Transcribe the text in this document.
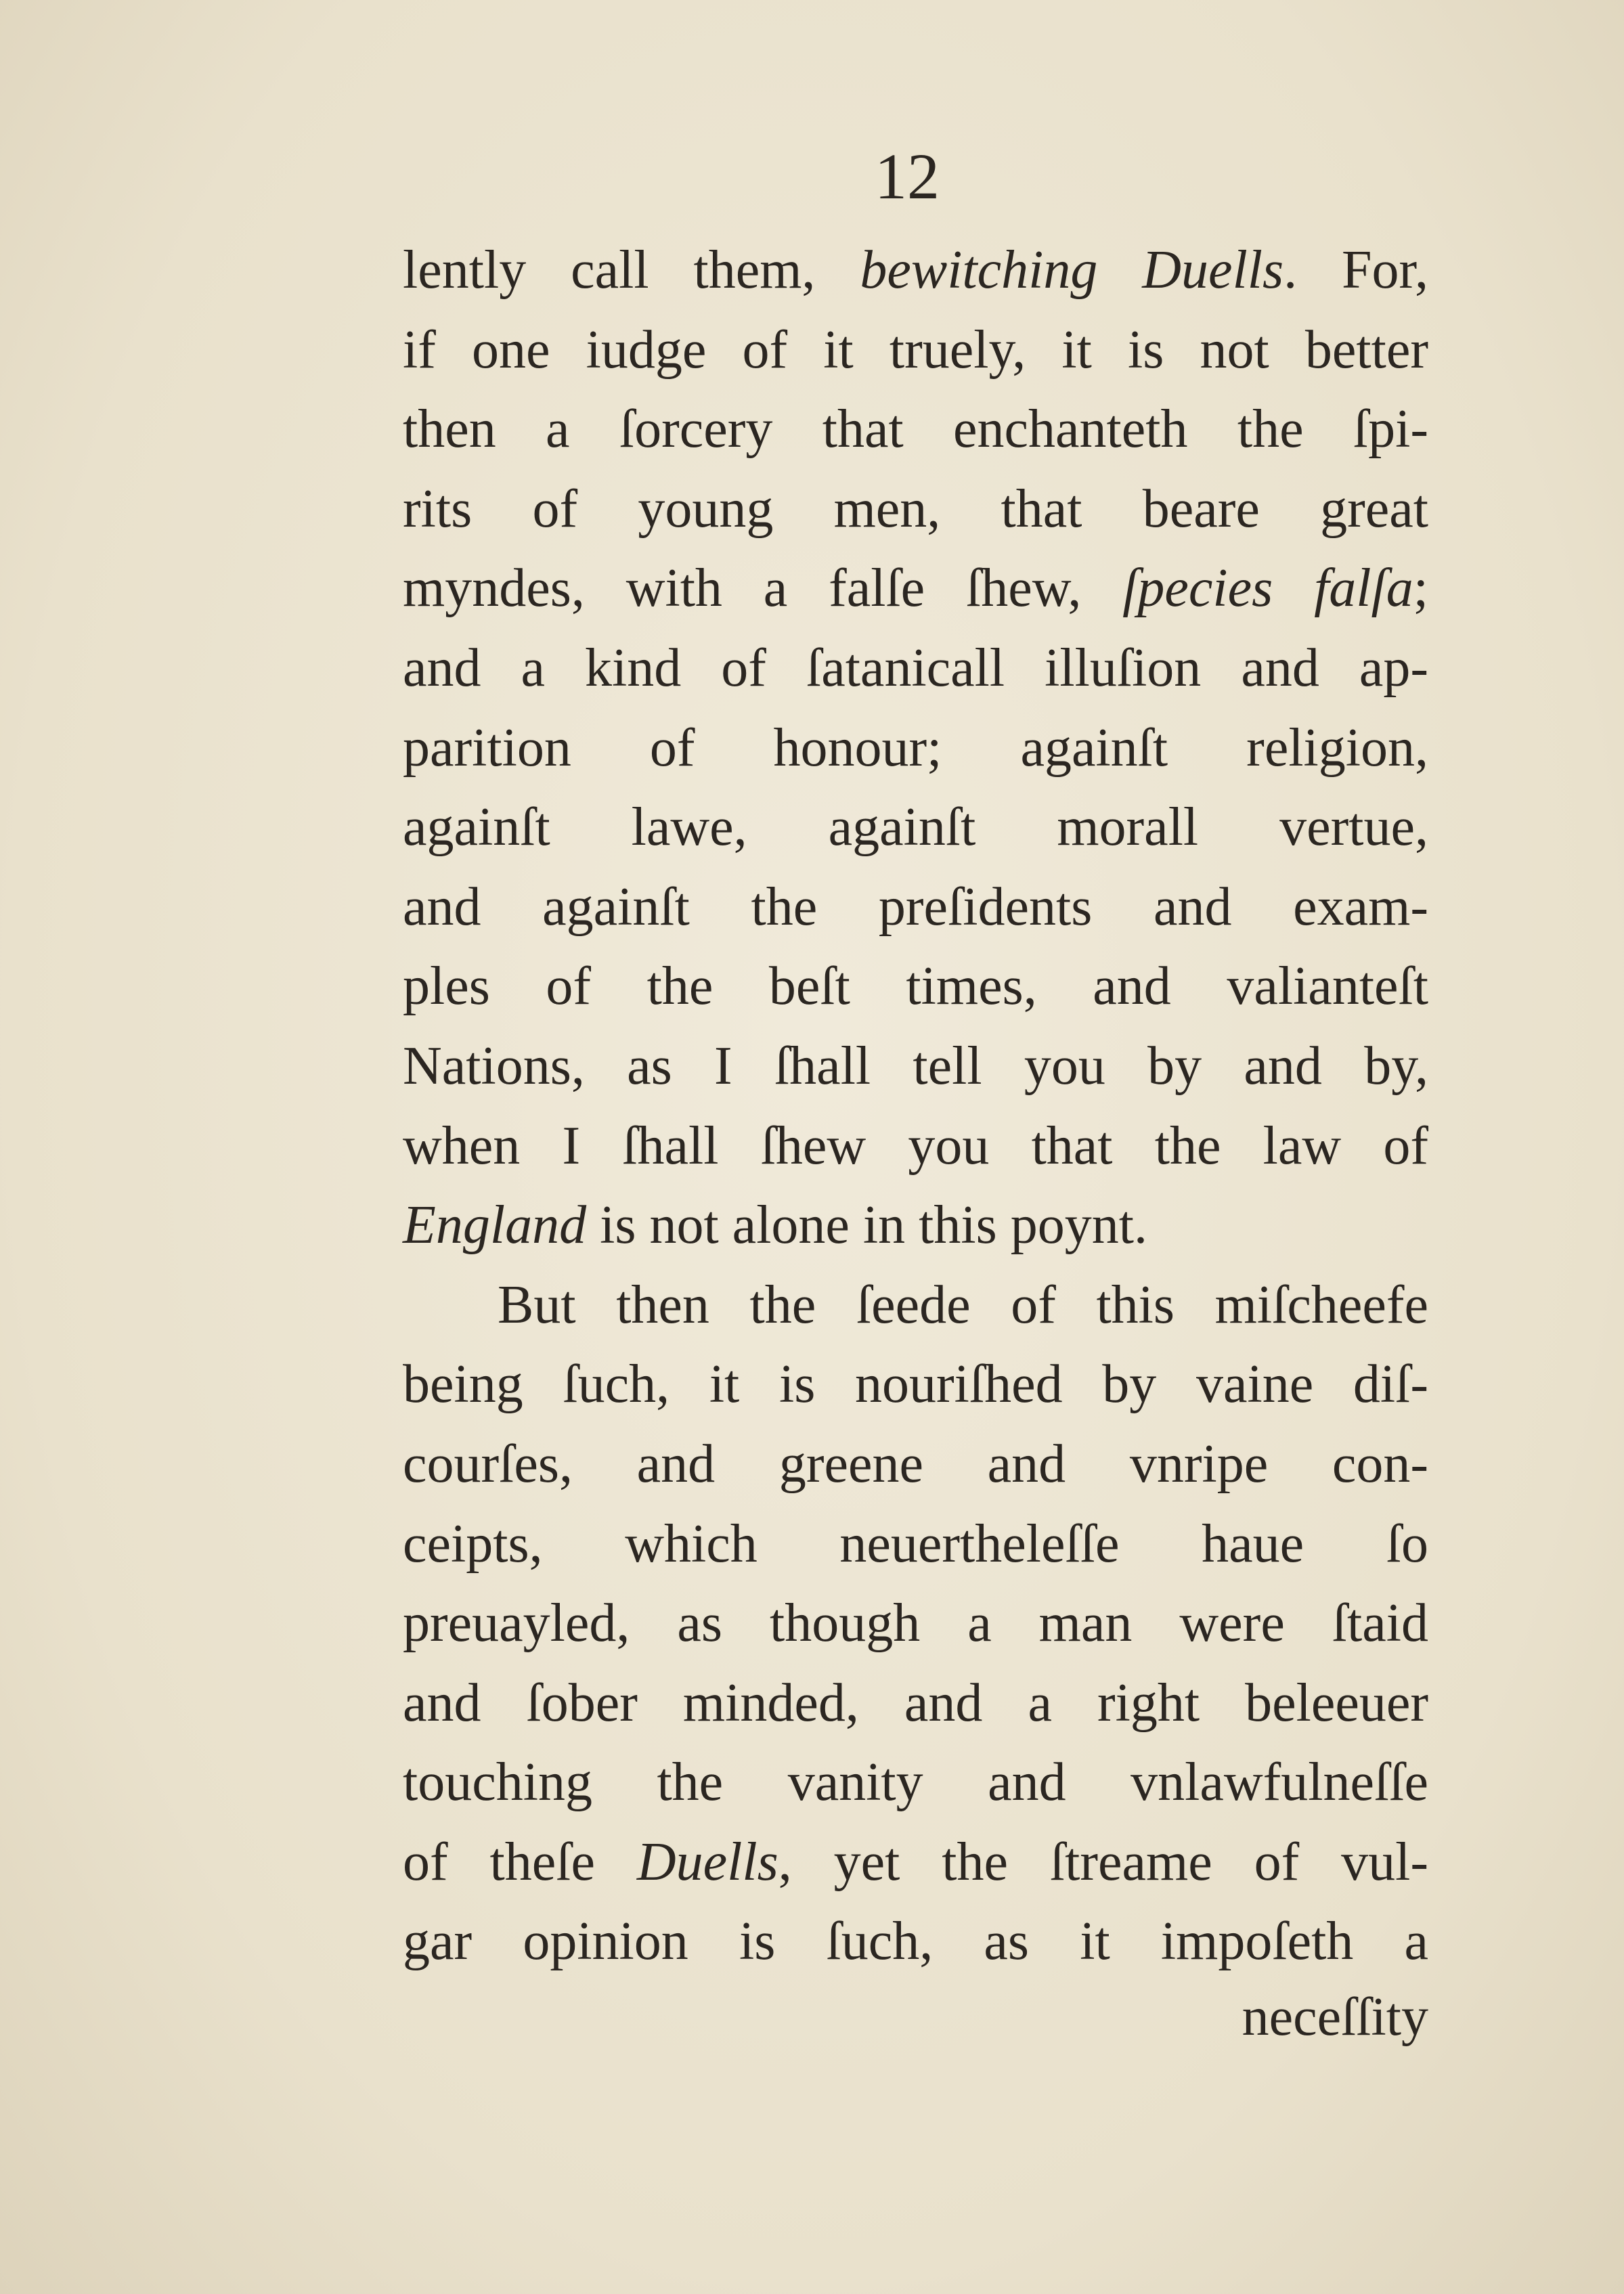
12
lently call them, bewitching Duells. For,
if one iudge of it truely, it is not better
then a ſorcery that enchanteth the ſpi-
rits of young men, that beare great
myndes, with a falſe ſhew, ſpecies falſa;
and a kind of ſatanicall illuſion and ap-
parition of honour; againſt religion,
againſt lawe, againſt morall vertue,
and againſt the preſidents and exam-
ples of the beſt times, and valianteſt
Nations, as I ſhall tell you by and by,
when I ſhall ſhew you that the law of
England is not alone in this poynt.
But then the ſeede of this miſcheefe
being ſuch, it is nouriſhed by vaine diſ-
courſes, and greene and vnripe con-
ceipts, which neuertheleſſe haue ſo
preuayled, as though a man were ſtaid
and ſober minded, and a right beleeuer
touching the vanity and vnlawfulneſſe
of theſe Duells, yet the ſtreame of vul-
gar opinion is ſuch, as it impoſeth a
neceſſity
